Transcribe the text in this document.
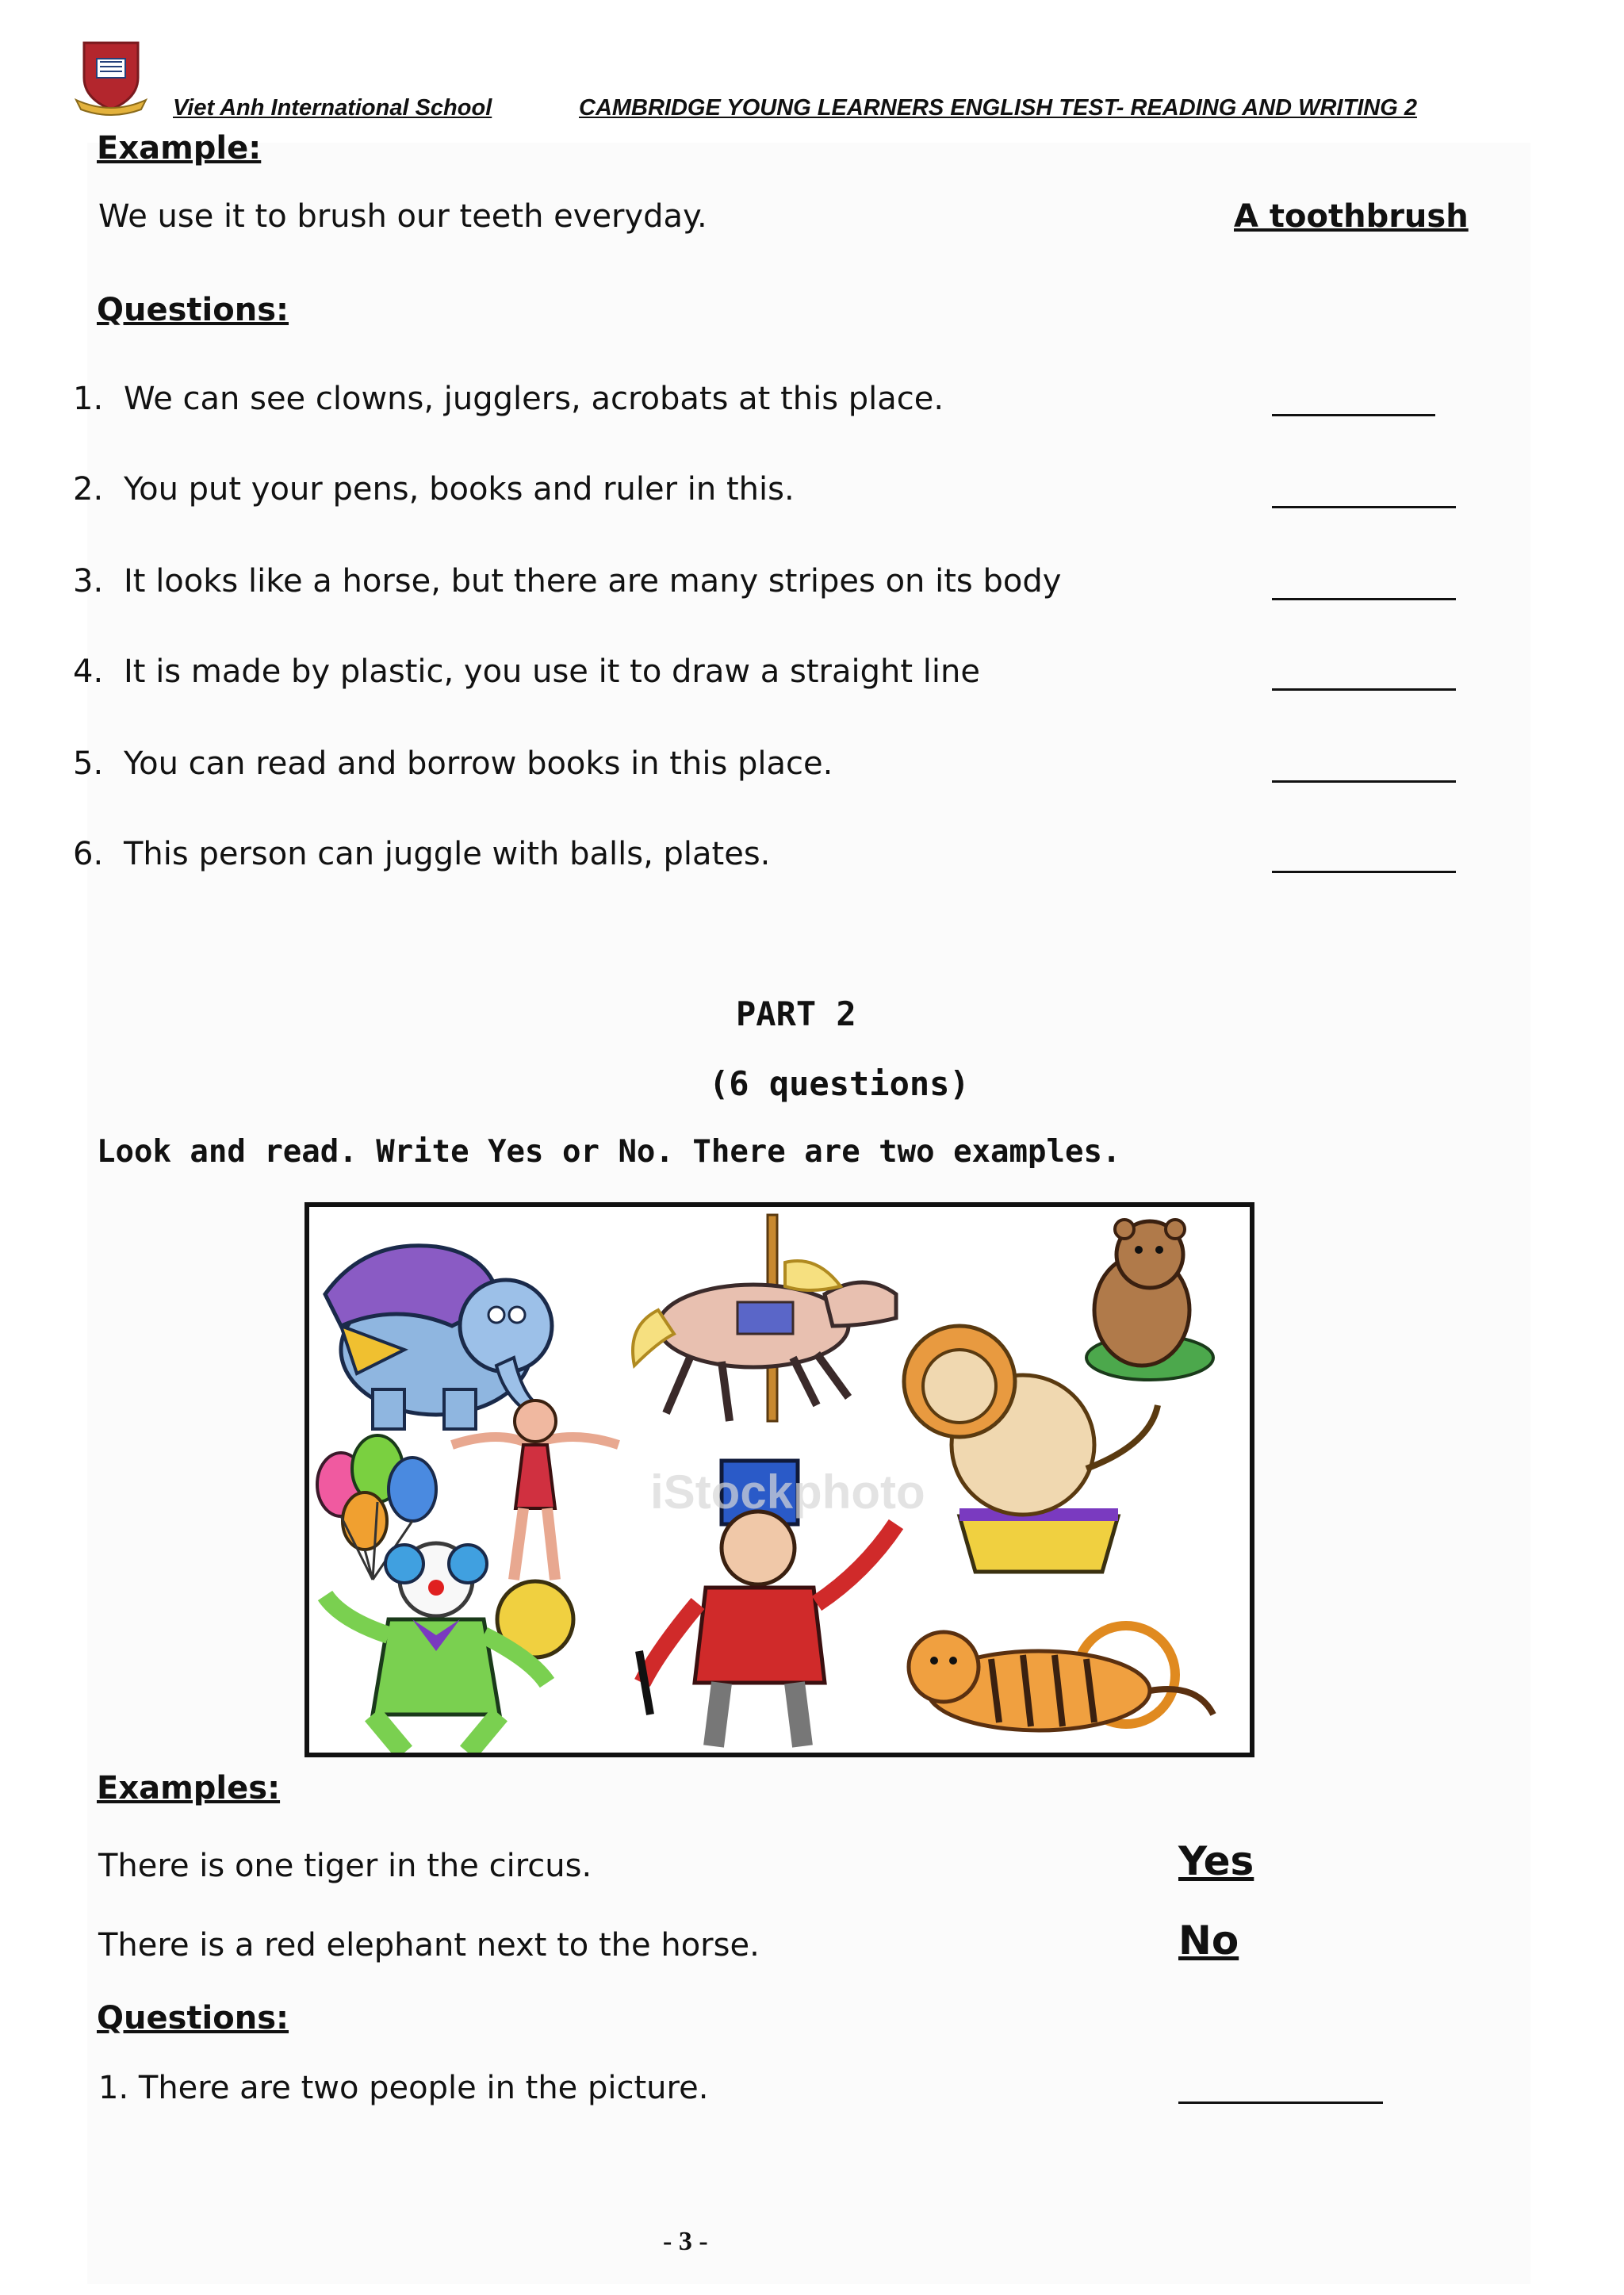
Viet Anh International School	CAMBRIDGE YOUNG LEARNERS ENGLISH TEST- READING AND WRITING 2
Example:
We use it to brush our teeth everyday.	A toothbrush
Questions:
1. We can see clowns, jugglers, acrobats at this place.
2. You put your pens, books and ruler in this.
3. It looks like a horse, but there are many stripes on its body
4. It is made by plastic, you use it to draw a straight line
5. You can read and borrow books in this place.
6. This person can juggle with balls, plates.
PART 2
(6 questions)
Look and read. Write Yes or No. There are two examples.
iStockphoto
Examples:
There is one tiger in the circus.	Yes
There is a red elephant next to the horse.	No
Questions:
1. There are two people in the picture.
- 3 -
